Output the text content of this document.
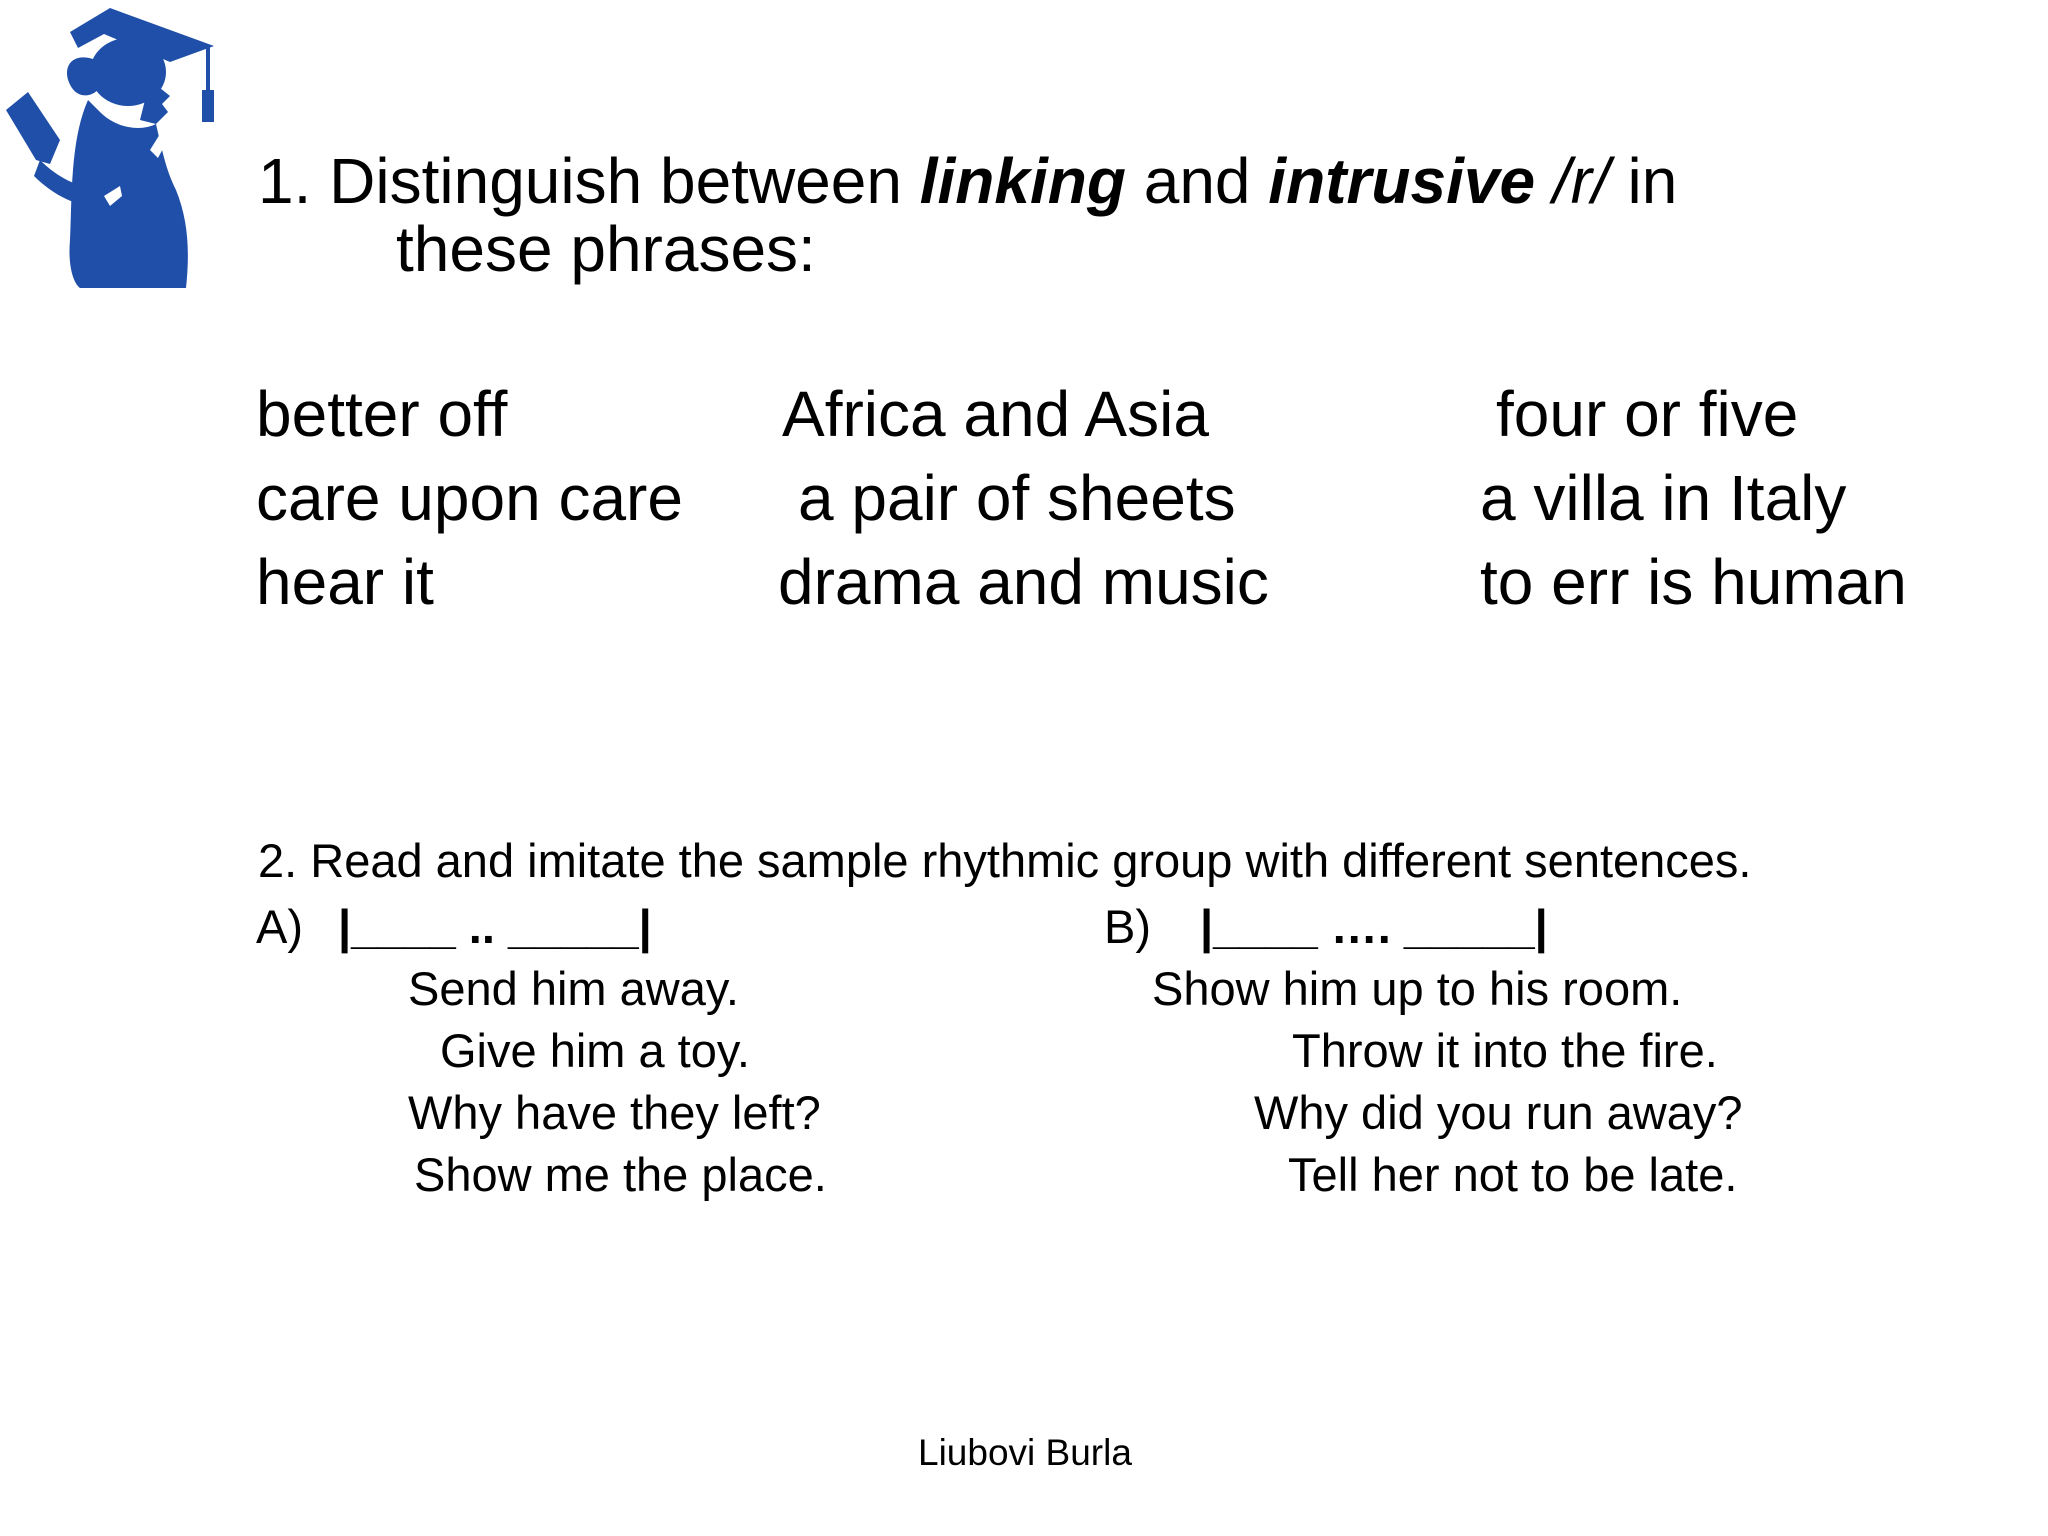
1. Distinguish between linking and intrusive /r/ in
these phrases:
better off
care upon care
hear it
Africa and Asia
a pair of sheets
drama and music
four or five
a villa in Italy
to err is human
2. Read and imitate the sample rhythmic group with different sentences.
A) |____ .. _____|	B) |____ …. _____|
Send him away.
Give him a toy.
Why have they left?
Show me the place.
Show him up to his room.
Throw it into the fire.
Why did you run away?
Tell her not to be late.
Liubovi Burla
